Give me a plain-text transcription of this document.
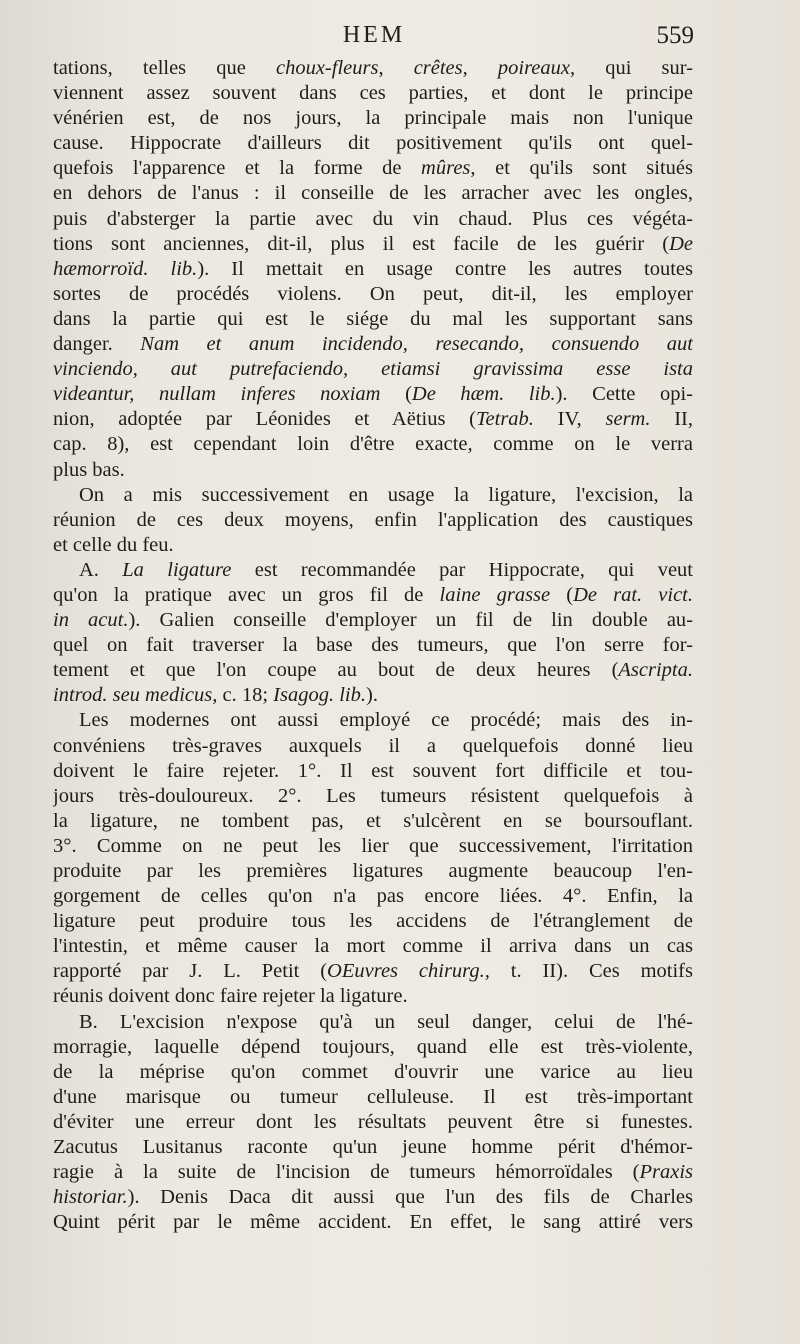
HEM	559
tations, telles que choux-fleurs, crêtes, poireaux, qui sur-
viennent assez souvent dans ces parties, et dont le principe
vénérien est, de nos jours, la principale mais non l'unique
cause. Hippocrate d'ailleurs dit positivement qu'ils ont quel-
quefois l'apparence et la forme de mûres, et qu'ils sont situés
en dehors de l'anus : il conseille de les arracher avec les ongles,
puis d'absterger la partie avec du vin chaud. Plus ces végéta-
tions sont anciennes, dit-il, plus il est facile de les guérir (De
hæmorroïd. lib.). Il mettait en usage contre les autres toutes
sortes de procédés violens. On peut, dit-il, les employer
dans la partie qui est le siége du mal les supportant sans
danger. Nam et anum incidendo, resecando, consuendo aut
vinciendo, aut putrefaciendo, etiamsi gravissima esse ista
videantur, nullam inferes noxiam (De hæm. lib.). Cette opi-
nion, adoptée par Léonides et Aëtius (Tetrab. IV, serm. II,
cap. 8), est cependant loin d'être exacte, comme on le verra
plus bas.
On a mis successivement en usage la ligature, l'excision, la
réunion de ces deux moyens, enfin l'application des caustiques
et celle du feu.
A. La ligature est recommandée par Hippocrate, qui veut
qu'on la pratique avec un gros fil de laine grasse (De rat. vict.
in acut.). Galien conseille d'employer un fil de lin double au-
quel on fait traverser la base des tumeurs, que l'on serre for-
tement et que l'on coupe au bout de deux heures (Ascripta.
introd. seu medicus, c. 18; Isagog. lib.).
Les modernes ont aussi employé ce procédé; mais des in-
convéniens très-graves auxquels il a quelquefois donné lieu
doivent le faire rejeter. 1°. Il est souvent fort difficile et tou-
jours très-douloureux. 2°. Les tumeurs résistent quelquefois à
la ligature, ne tombent pas, et s'ulcèrent en se boursouflant.
3°. Comme on ne peut les lier que successivement, l'irritation
produite par les premières ligatures augmente beaucoup l'en-
gorgement de celles qu'on n'a pas encore liées. 4°. Enfin, la
ligature peut produire tous les accidens de l'étranglement de
l'intestin, et même causer la mort comme il arriva dans un cas
rapporté par J. L. Petit (OEuvres chirurg., t. II). Ces motifs
réunis doivent donc faire rejeter la ligature.
B. L'excision n'expose qu'à un seul danger, celui de l'hé-
morragie, laquelle dépend toujours, quand elle est très-violente,
de la méprise qu'on commet d'ouvrir une varice au lieu
d'une marisque ou tumeur celluleuse. Il est très-important
d'éviter une erreur dont les résultats peuvent être si funestes.
Zacutus Lusitanus raconte qu'un jeune homme périt d'hémor-
ragie à la suite de l'incision de tumeurs hémorroïdales (Praxis
historiar.). Denis Daca dit aussi que l'un des fils de Charles
Quint périt par le même accident. En effet, le sang attiré vers
